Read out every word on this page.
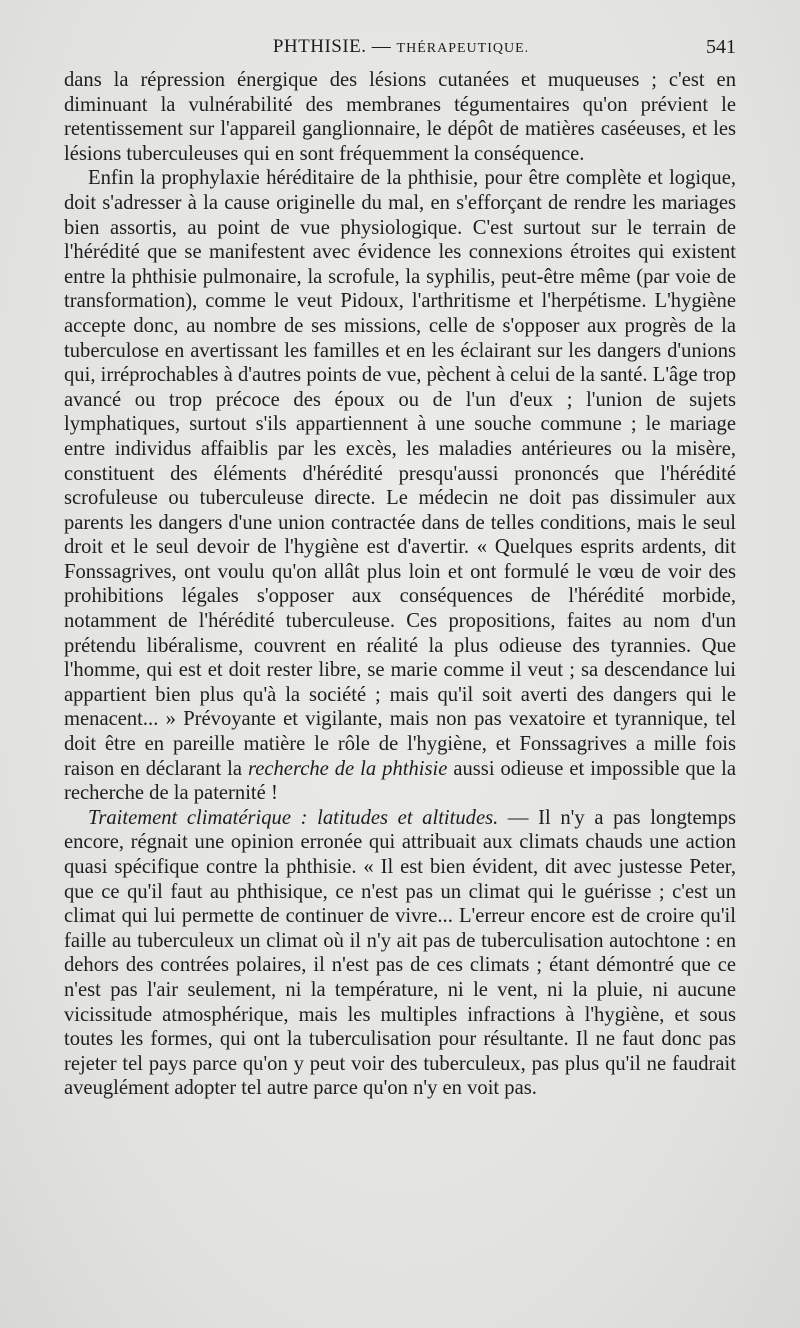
PHTHISIE. — THÉRAPEUTIQUE.	541

dans la répression énergique des lésions cutanées et muqueuses ; c'est en diminuant la vulnérabilité des membranes tégumentaires qu'on prévient le retentissement sur l'appareil ganglionnaire, le dépôt de matières caséeuses, et les lésions tuberculeuses qui en sont fréquemment la conséquence.

Enfin la prophylaxie héréditaire de la phthisie, pour être complète et logique, doit s'adresser à la cause originelle du mal, en s'efforçant de rendre les mariages bien assortis, au point de vue physiologique. C'est surtout sur le terrain de l'hérédité que se manifestent avec évidence les connexions étroites qui existent entre la phthisie pulmonaire, la scrofule, la syphilis, peut-être même (par voie de transformation), comme le veut Pidoux, l'arthritisme et l'herpétisme. L'hygiène accepte donc, au nombre de ses missions, celle de s'opposer aux progrès de la tuberculose en avertissant les familles et en les éclairant sur les dangers d'unions qui, irréprochables à d'autres points de vue, pèchent à celui de la santé. L'âge trop avancé ou trop précoce des époux ou de l'un d'eux ; l'union de sujets lymphatiques, surtout s'ils appartiennent à une souche commune ; le mariage entre individus affaiblis par les excès, les maladies antérieures ou la misère, constituent des éléments d'hérédité presqu'aussi prononcés que l'hérédité scrofuleuse ou tuberculeuse directe. Le médecin ne doit pas dissimuler aux parents les dangers d'une union contractée dans de telles conditions, mais le seul droit et le seul devoir de l'hygiène est d'avertir. « Quelques esprits ardents, dit Fonssagrives, ont voulu qu'on allât plus loin et ont formulé le vœu de voir des prohibitions légales s'opposer aux conséquences de l'hérédité morbide, notamment de l'hérédité tuberculeuse. Ces propositions, faites au nom d'un prétendu libéralisme, couvrent en réalité la plus odieuse des tyrannies. Que l'homme, qui est et doit rester libre, se marie comme il veut ; sa descendance lui appartient bien plus qu'à la société ; mais qu'il soit averti des dangers qui le menacent... » Prévoyante et vigilante, mais non pas vexatoire et tyrannique, tel doit être en pareille matière le rôle de l'hygiène, et Fonssagrives a mille fois raison en déclarant la recherche de la phthisie aussi odieuse et impossible que la recherche de la paternité !

Traitement climatérique : latitudes et altitudes. — Il n'y a pas longtemps encore, régnait une opinion erronée qui attribuait aux climats chauds une action quasi spécifique contre la phthisie. « Il est bien évident, dit avec justesse Peter, que ce qu'il faut au phthisique, ce n'est pas un climat qui le guérisse ; c'est un climat qui lui permette de continuer de vivre... L'erreur encore est de croire qu'il faille au tuberculeux un climat où il n'y ait pas de tuberculisation autochtone : en dehors des contrées polaires, il n'est pas de ces climats ; étant démontré que ce n'est pas l'air seulement, ni la température, ni le vent, ni la pluie, ni aucune vicissitude atmosphérique, mais les multiples infractions à l'hygiène, et sous toutes les formes, qui ont la tuberculisation pour résultante. Il ne faut donc pas rejeter tel pays parce qu'on y peut voir des tuberculeux, pas plus qu'il ne faudrait aveuglément adopter tel autre parce qu'on n'y en voit pas.
